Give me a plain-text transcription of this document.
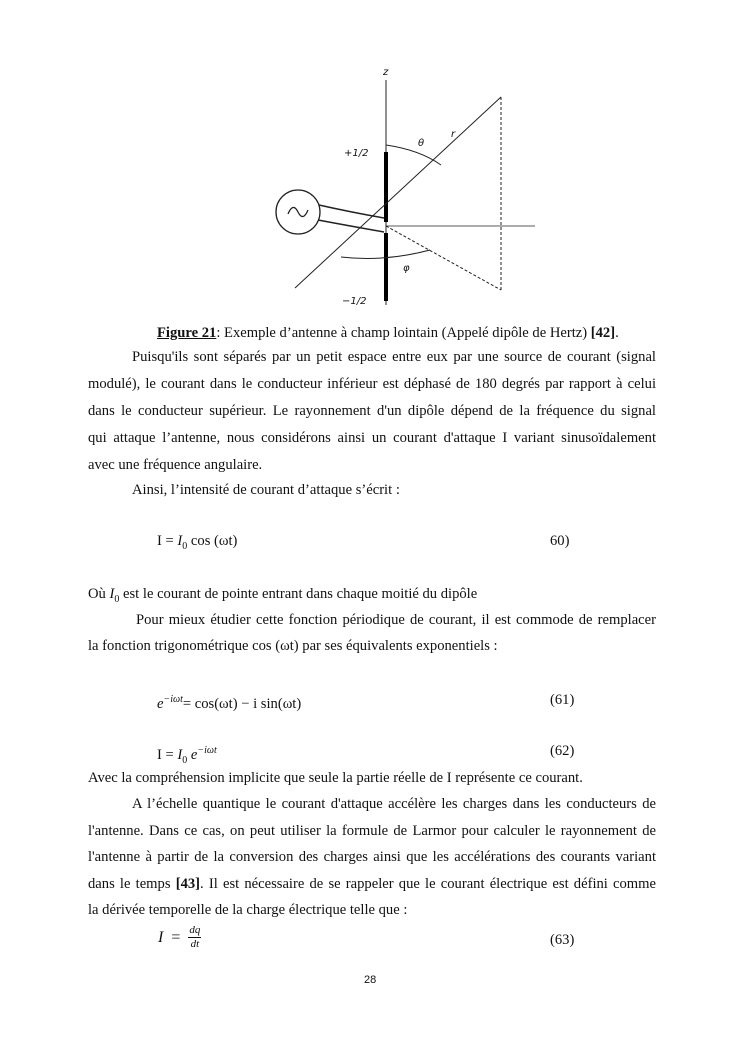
z
+1/2
−1/2
θ
r
φ
Figure 21: Exemple d’antenne à champ lointain (Appelé dipôle de Hertz) [42].
Puisqu'ils sont séparés par un petit espace entre eux par une source de courant (signal
modulé), le courant dans le conducteur inférieur est déphasé de 180 degrés par rapport à celui
dans le conducteur supérieur. Le rayonnement d'un dipôle dépend de la fréquence du signal
qui attaque l’antenne, nous considérons ainsi un courant d'attaque I variant sinusoïdalement
avec une fréquence angulaire.
Ainsi, l’intensité de courant d’attaque s’écrit :
$I = I_0$ cos (ωt)	60)
Où $I_0$ est le courant de pointe entrant dans chaque moitié du dipôle
Pour mieux étudier cette fonction périodique de courant, il est commode de remplacer
la fonction trigonométrique cos (ωt) par ses équivalents exponentiels :
$e^{-i\omega t}= \cos(\omega t) - i$ sin(ωt)	(61)
$I = I_0$ $e^{-i\omega t}$	(62)
Avec la compréhension implicite que seule la partie réelle de I représente ce courant.
A l’échelle quantique le courant d'attaque accélère les charges dans les conducteurs de
l'antenne. Dans ce cas, on peut utiliser la formule de Larmor pour calculer le rayonnement de
l'antenne à partir de la conversion des charges ainsi que les accélérations des courants variant
dans le temps [43]. Il est nécessaire de se rappeler que le courant électrique est défini comme
la dérivée temporelle de la charge électrique telle que :
$I = \frac{dq}{dt}$	(63)
28
